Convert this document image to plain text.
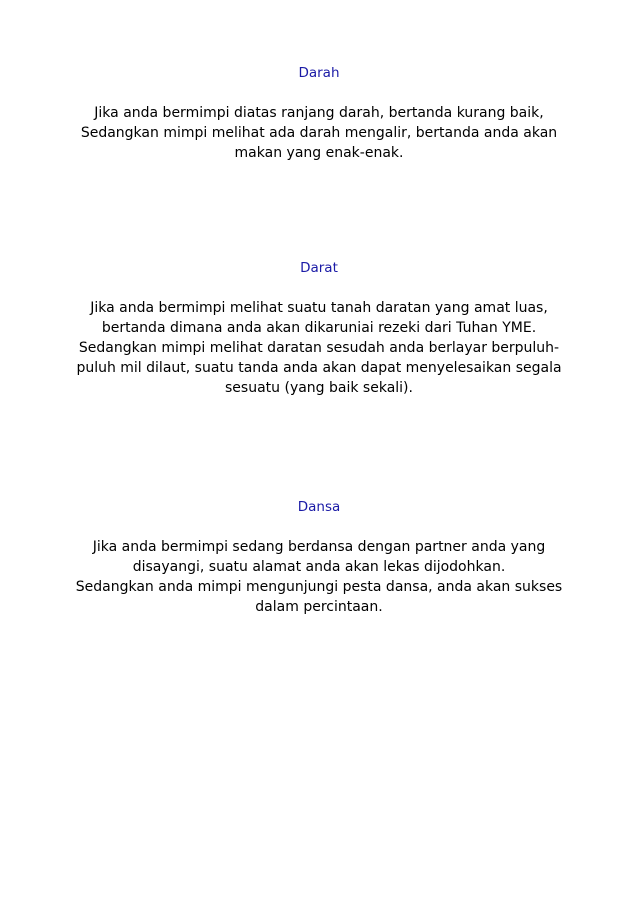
Darah

Jika anda bermimpi diatas ranjang darah, bertanda kurang baik,

Sedangkan mimpi melihat ada darah mengalir, bertanda anda akan makan yang enak-enak.

Darat

Jika anda bermimpi melihat suatu tanah daratan yang amat luas, bertanda dimana anda akan dikaruniai rezeki dari Tuhan YME.

Sedangkan mimpi melihat daratan sesudah anda berlayar berpuluh-puluh mil dilaut, suatu tanda anda akan dapat menyelesaikan segala sesuatu (yang baik sekali).

Dansa

Jika anda bermimpi sedang berdansa dengan partner anda yang disayangi, suatu alamat anda akan lekas dijodohkan.

Sedangkan anda mimpi mengunjungi pesta dansa, anda akan sukses dalam percintaan.
